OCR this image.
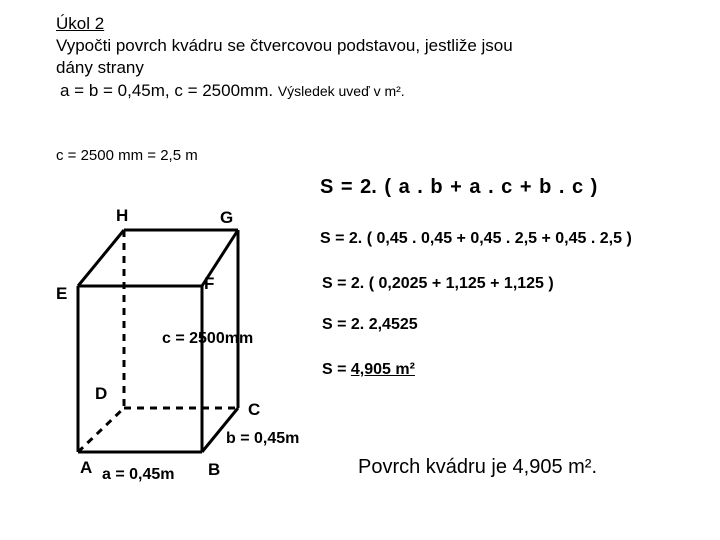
Úkol 2
Vypočti povrch kvádru se čtvercovou podstavou, jestliže jsou
dány strany
a = b = 0,45m, c = 2500mm. Výsledek uveď v m².
c = 2500 mm = 2,5 m
H	G
E
F
D
C
A	B
c = 2500mm
b = 0,45m
a = 0,45m
S = 2. ( a . b + a . c + b . c )
S = 2. ( 0,45 . 0,45 + 0,45 . 2,5 + 0,45 . 2,5 )
S = 2. ( 0,2025 + 1,125 + 1,125 )
S = 2. 2,4525
S = 4,905 m²
Povrch kvádru je 4,905 m².
